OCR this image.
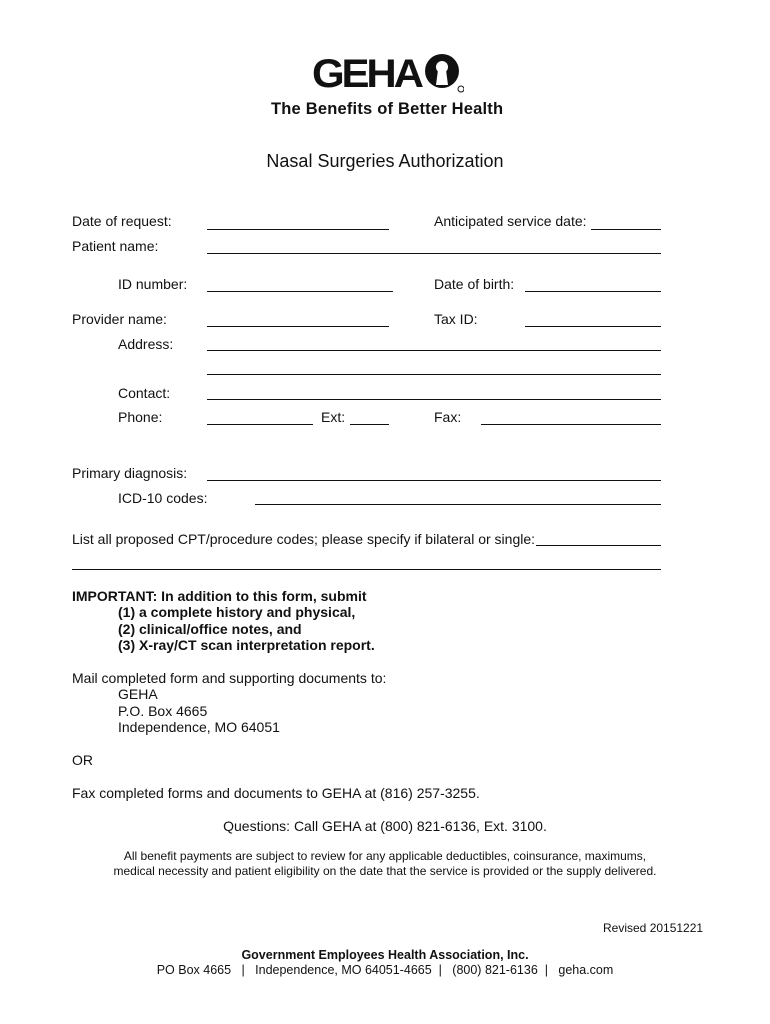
GEHA
The Benefits of Better Health
Nasal Surgeries Authorization
Date of request:	Anticipated service date:
Patient name:
ID number:	Date of birth:
Provider name:	Tax ID:
Address:
Contact:
Phone:	Ext:	Fax:
Primary diagnosis:
ICD-10 codes:
List all proposed CPT/procedure codes; please specify if bilateral or single:
IMPORTANT: In addition to this form, submit
(1) a complete history and physical,
(2) clinical/office notes, and
(3) X-ray/CT scan interpretation report.
Mail completed form and supporting documents to:
GEHA
P.O. Box 4665
Independence, MO 64051
OR
Fax completed forms and documents to GEHA at (816) 257-3255.
Questions: Call GEHA at (800) 821-6136, Ext. 3100.
All benefit payments are subject to review for any applicable deductibles, coinsurance, maximums,
medical necessity and patient eligibility on the date that the service is provided or the supply delivered.
Revised 20151221
Government Employees Health Association, Inc.
PO Box 4665   |   Independence, MO 64051-4665  |   (800) 821-6136  |   geha.com
